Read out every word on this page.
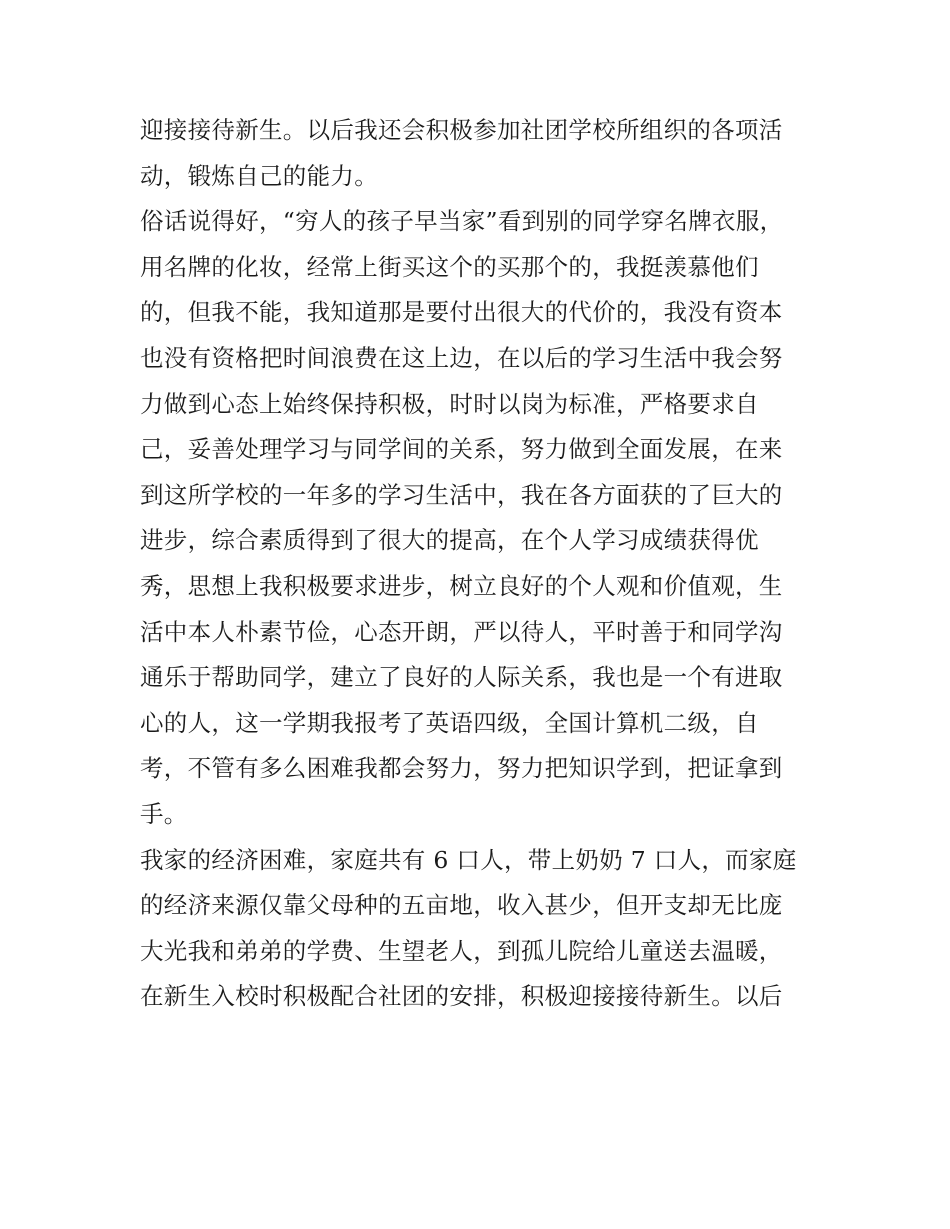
迎接接待新生。以后我还会积极参加社团学校所组织的各项活
动，锻炼自己的能力。
俗话说得好，“穷人的孩子早当家”看到别的同学穿名牌衣服，
用名牌的化妆，经常上街买这个的买那个的，我挺羡慕他们
的，但我不能，我知道那是要付出很大的代价的，我没有资本
也没有资格把时间浪费在这上边，在以后的学习生活中我会努
力做到心态上始终保持积极，时时以岗为标准，严格要求自
己，妥善处理学习与同学间的关系，努力做到全面发展，在来
到这所学校的一年多的学习生活中，我在各方面获的了巨大的
进步，综合素质得到了很大的提高，在个人学习成绩获得优
秀，思想上我积极要求进步，树立良好的个人观和价值观，生
活中本人朴素节俭，心态开朗，严以待人，平时善于和同学沟
通乐于帮助同学，建立了良好的人际关系，我也是一个有进取
心的人，这一学期我报考了英语四级，全国计算机二级，自
考，不管有多么困难我都会努力，努力把知识学到，把证拿到
手。
我家的经济困难，家庭共有 6 口人，带上奶奶 7 口人，而家庭
的经济来源仅靠父母种的五亩地，收入甚少，但开支却无比庞
大光我和弟弟的学费、生望老人，到孤儿院给儿童送去温暖，
在新生入校时积极配合社团的安排，积极迎接接待新生。以后
